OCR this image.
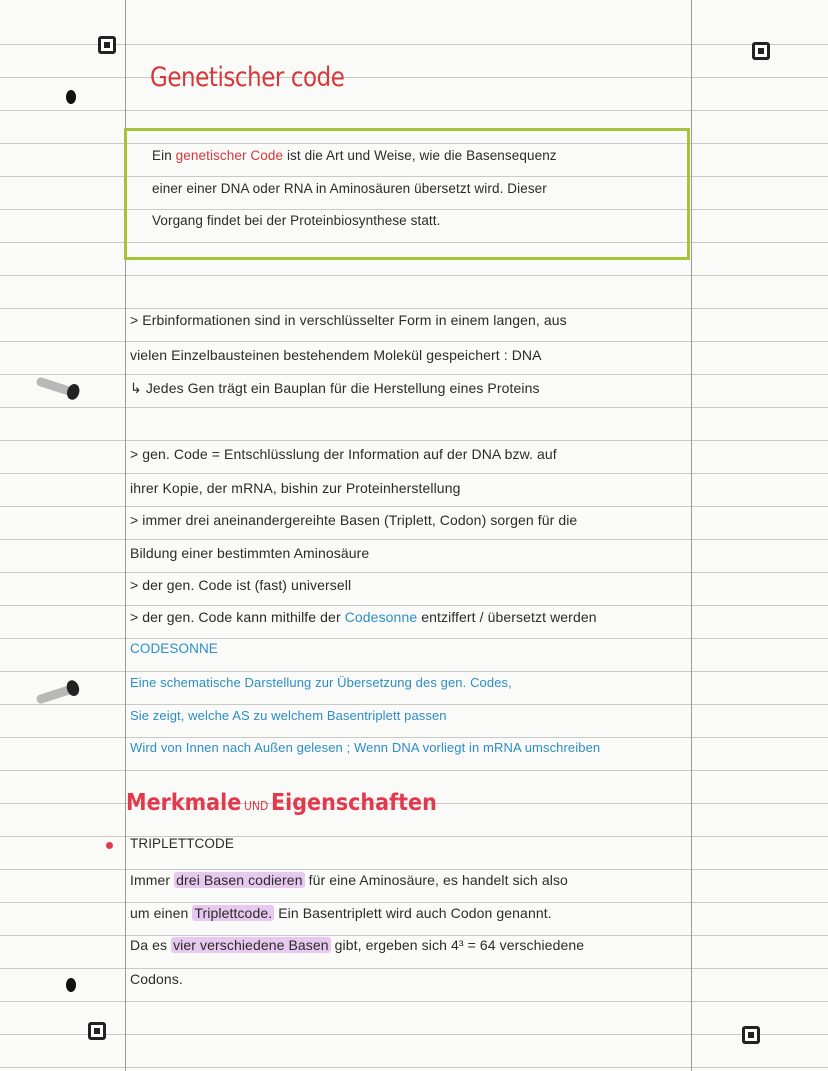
Genetischer code
Ein genetischer Code ist die Art und Weise, wie die Basensequenz
einer einer DNA oder RNA in Aminosäuren übersetzt wird. Dieser
Vorgang findet bei der Proteinbiosynthese statt.
> Erbinformationen sind in verschlüsselter Form in einem langen, aus
vielen Einzelbausteinen bestehendem Molekül gespeichert : DNA
↳ Jedes Gen trägt ein Bauplan für die Herstellung eines Proteins
> gen. Code = Entschlüsslung der Information auf der DNA bzw. auf
ihrer Kopie, der mRNA, bishin zur Proteinherstellung
> immer drei aneinandergereihte Basen (Triplett, Codon) sorgen für die
Bildung einer bestimmten Aminosäure
> der gen. Code ist (fast) universell
> der gen. Code kann mithilfe der Codesonne entziffert / übersetzt werden
CODESONNE
Eine schematische Darstellung zur Übersetzung des gen. Codes,
Sie zeigt, welche AS zu welchem Basentriplett passen
Wird von Innen nach Außen gelesen ; Wenn DNA vorliegt in mRNA umschreiben
Merkmale UND Eigenschaften
TRIPLETTCODE
Immer drei Basen codieren für eine Aminosäure, es handelt sich also
um einen Triplettcode. Ein Basentriplett wird auch Codon genannt.
Da es vier verschiedene Basen gibt, ergeben sich 4³ = 64 verschiedene
Codons.
